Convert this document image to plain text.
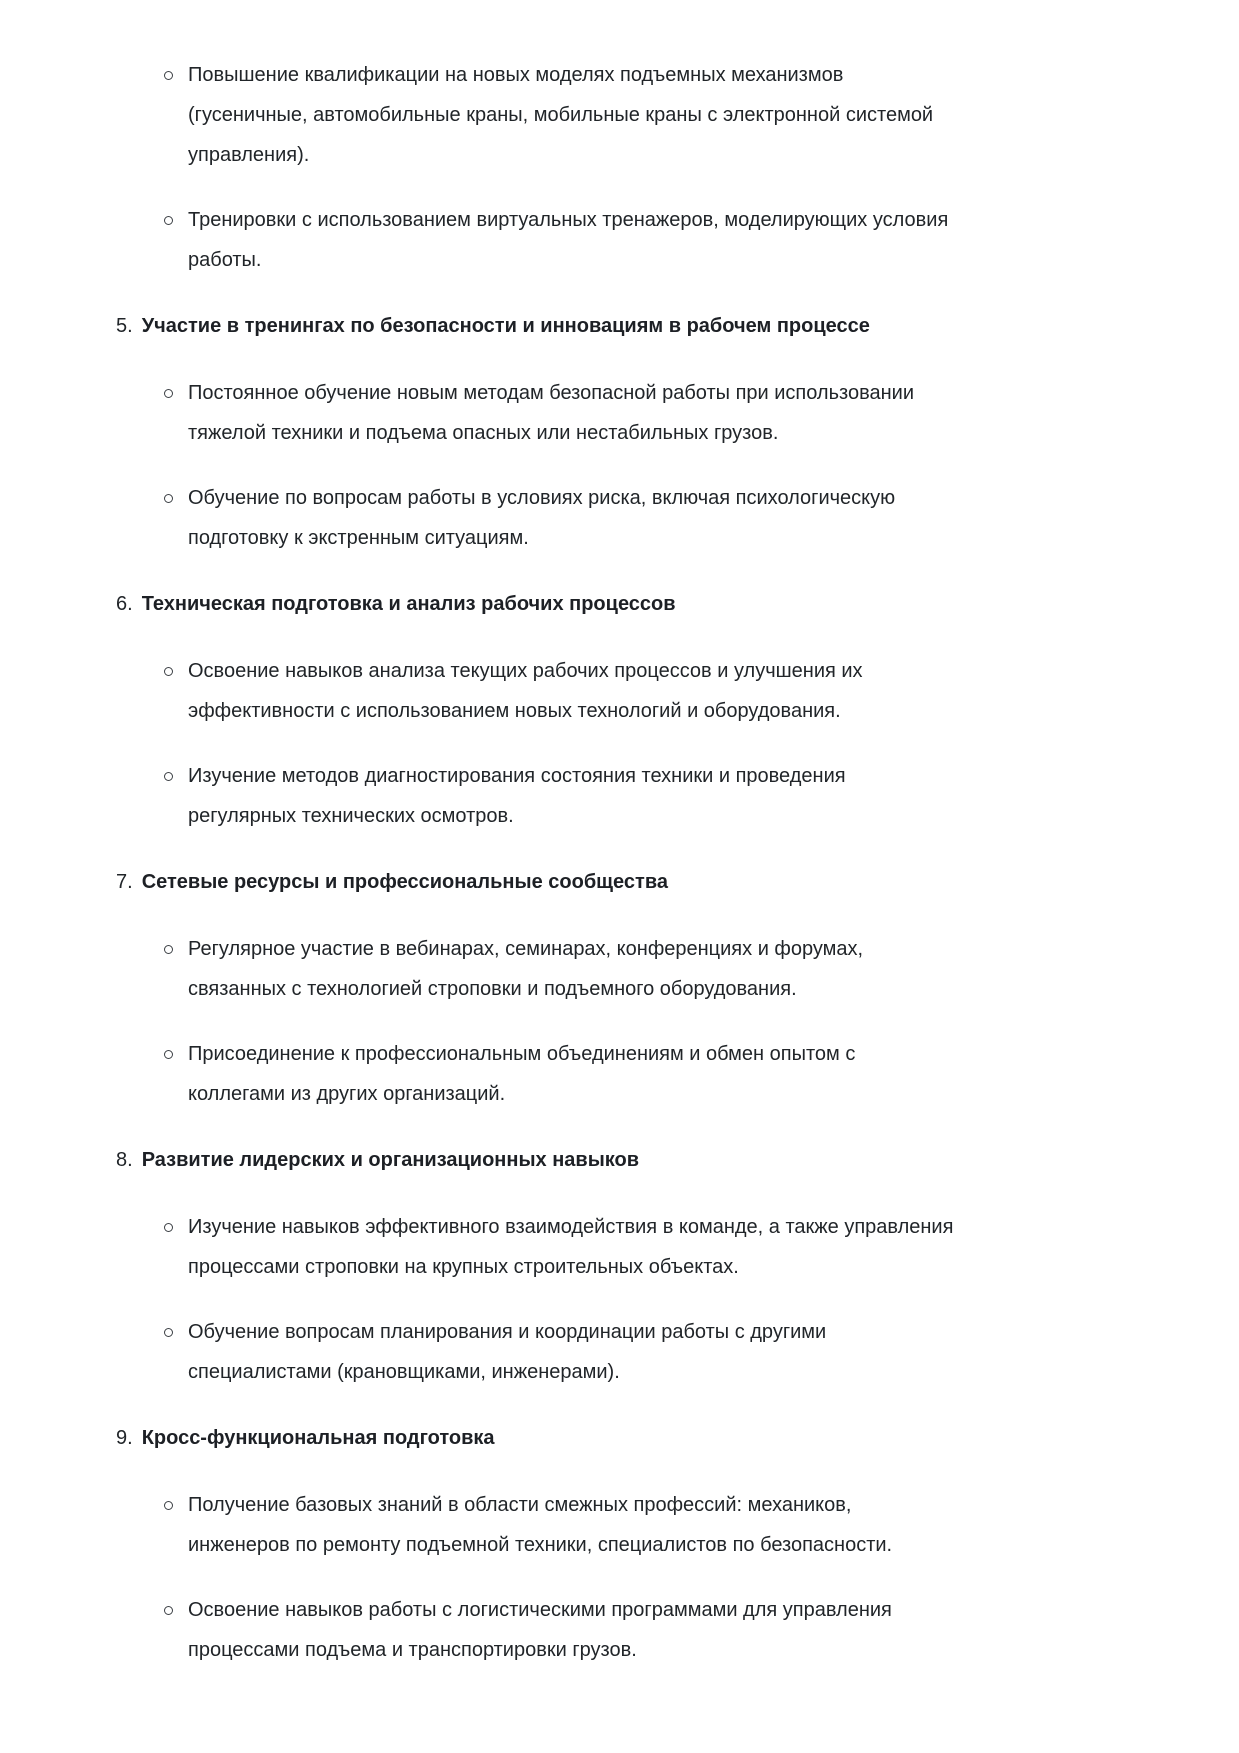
Повышение квалификации на новых моделях подъемных механизмов
(гусеничные, автомобильные краны, мобильные краны с электронной системой
управления).
Тренировки с использованием виртуальных тренажеров, моделирующих условия
работы.

5. Участие в тренингах по безопасности и инновациям в рабочем процессе

Постоянное обучение новым методам безопасной работы при использовании
тяжелой техники и подъема опасных или нестабильных грузов.
Обучение по вопросам работы в условиях риска, включая психологическую
подготовку к экстренным ситуациям.

6. Техническая подготовка и анализ рабочих процессов

Освоение навыков анализа текущих рабочих процессов и улучшения их
эффективности с использованием новых технологий и оборудования.
Изучение методов диагностирования состояния техники и проведения
регулярных технических осмотров.

7. Сетевые ресурсы и профессиональные сообщества

Регулярное участие в вебинарах, семинарах, конференциях и форумах,
связанных с технологией строповки и подъемного оборудования.
Присоединение к профессиональным объединениям и обмен опытом с
коллегами из других организаций.

8. Развитие лидерских и организационных навыков

Изучение навыков эффективного взаимодействия в команде, а также управления
процессами строповки на крупных строительных объектах.
Обучение вопросам планирования и координации работы с другими
специалистами (крановщиками, инженерами).

9. Кросс-функциональная подготовка

Получение базовых знаний в области смежных профессий: механиков,
инженеров по ремонту подъемной техники, специалистов по безопасности.
Освоение навыков работы с логистическими программами для управления
процессами подъема и транспортировки грузов.
